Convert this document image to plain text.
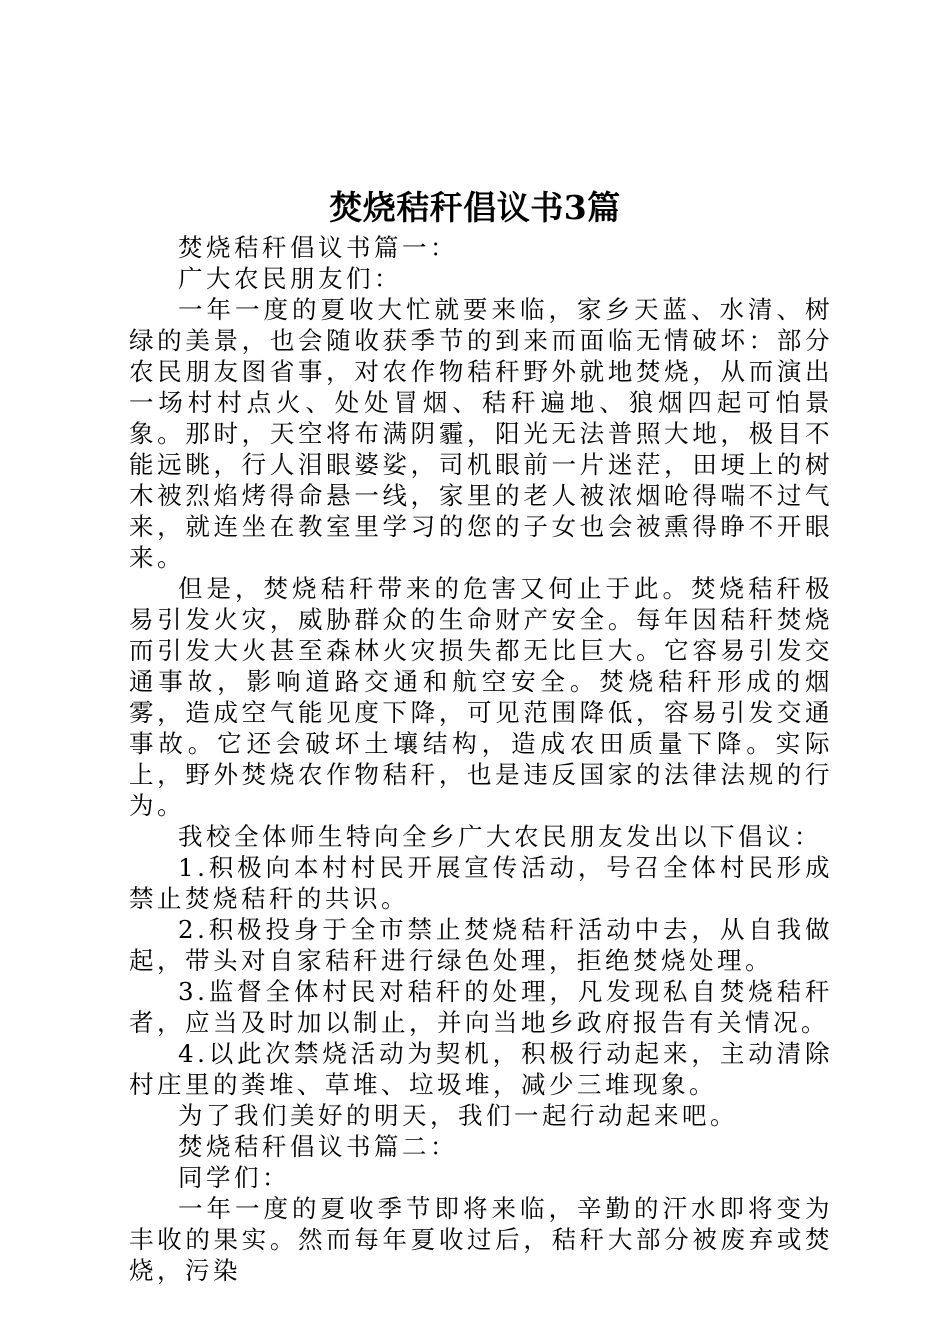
焚烧秸秆倡议书3篇

焚烧秸秆倡议书篇一：

广大农民朋友们：

一年一度的夏收大忙就要来临，家乡天蓝、水清、树绿的美景，也会随收获季节的到来而面临无情破坏：部分农民朋友图省事，对农作物秸秆野外就地焚烧，从而演出一场村村点火、处处冒烟、秸秆遍地、狼烟四起可怕景象。那时，天空将布满阴霾，阳光无法普照大地，极目不能远眺，行人泪眼婆娑，司机眼前一片迷茫，田埂上的树木被烈焰烤得命悬一线，家里的老人被浓烟呛得喘不过气来，就连坐在教室里学习的您的子女也会被熏得睁不开眼来。

但是，焚烧秸秆带来的危害又何止于此。焚烧秸秆极易引发火灾，威胁群众的生命财产安全。每年因秸秆焚烧而引发大火甚至森林火灾损失都无比巨大。它容易引发交通事故，影响道路交通和航空安全。焚烧秸秆形成的烟雾，造成空气能见度下降，可见范围降低，容易引发交通事故。它还会破坏土壤结构，造成农田质量下降。实际上，野外焚烧农作物秸秆，也是违反国家的法律法规的行为。

我校全体师生特向全乡广大农民朋友发出以下倡议：

1.积极向本村村民开展宣传活动，号召全体村民形成禁止焚烧秸秆的共识。

2.积极投身于全市禁止焚烧秸秆活动中去，从自我做起，带头对自家秸秆进行绿色处理，拒绝焚烧处理。

3.监督全体村民对秸秆的处理，凡发现私自焚烧秸秆者，应当及时加以制止，并向当地乡政府报告有关情况。

4.以此次禁烧活动为契机，积极行动起来，主动清除村庄里的粪堆、草堆、垃圾堆，减少三堆现象。

为了我们美好的明天，我们一起行动起来吧。

焚烧秸秆倡议书篇二：

同学们：

一年一度的夏收季节即将来临，辛勤的汗水即将变为丰收的果实。然而每年夏收过后，秸秆大部分被废弃或焚烧，污染
